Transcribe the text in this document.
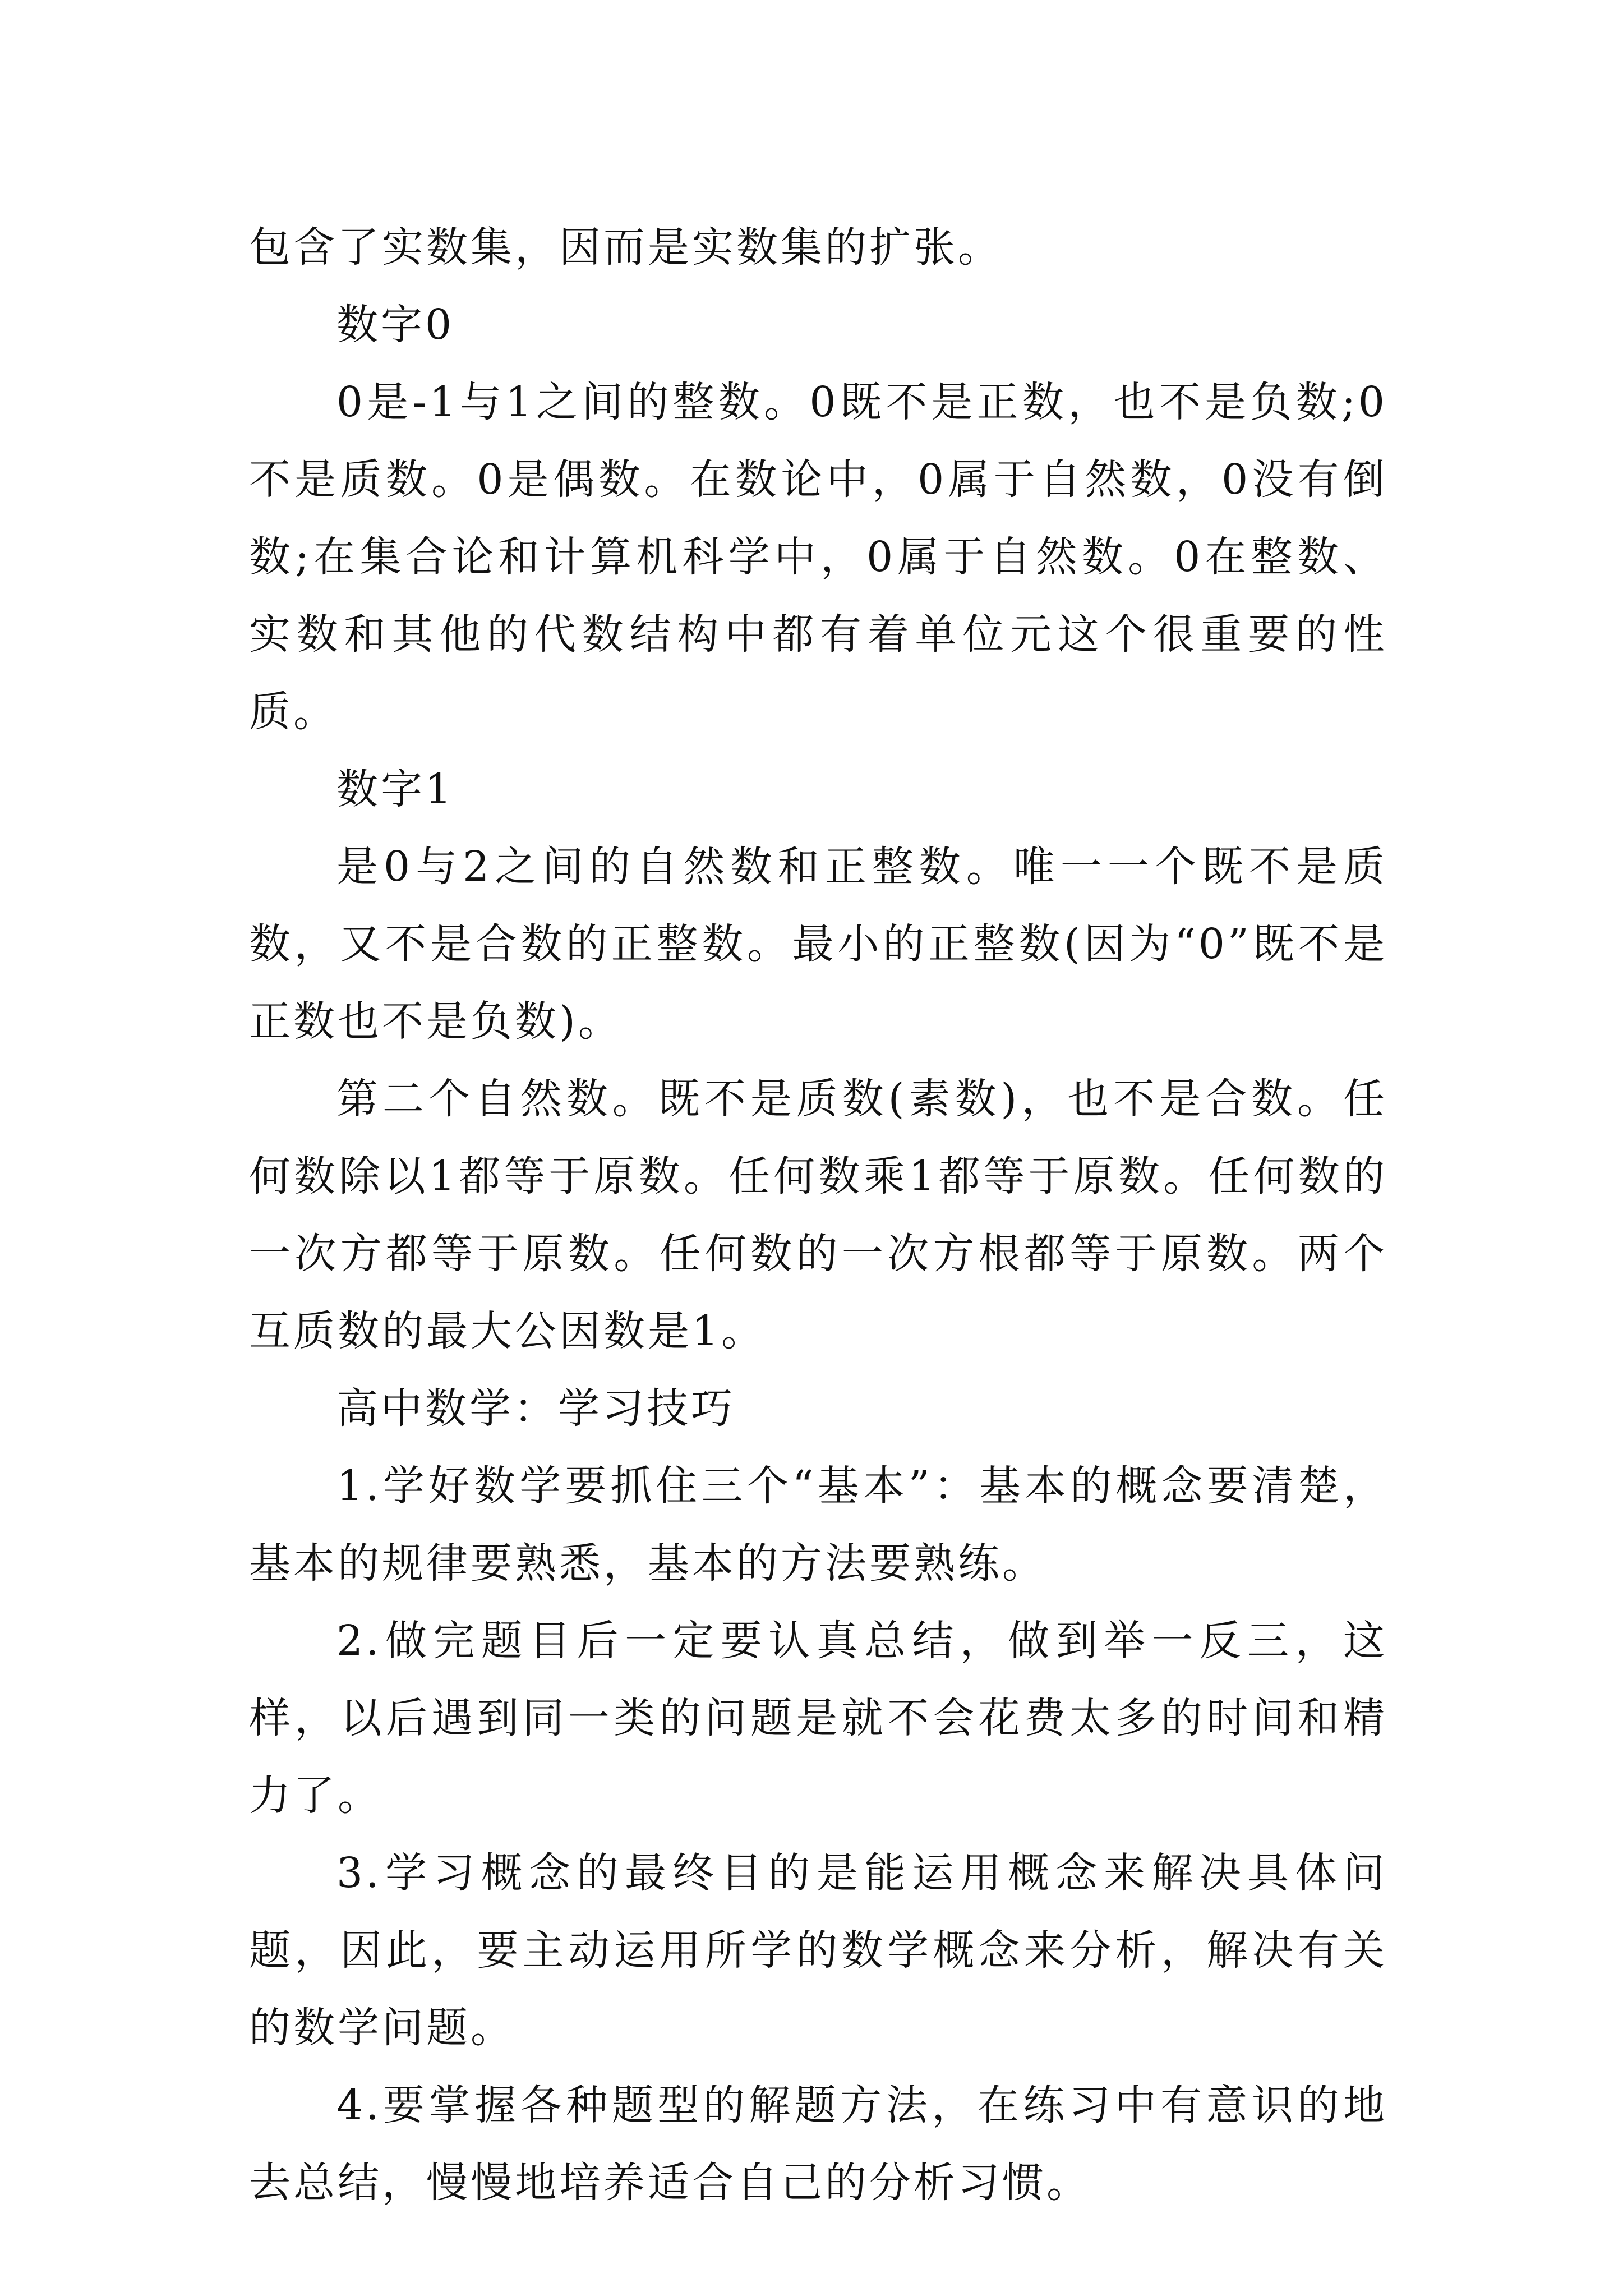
包含了实数集，因而是实数集的扩张。

数字0

0是-1与1之间的整数。0既不是正数，也不是负数;0不是质数。0是偶数。在数论中，0属于自然数，0没有倒数;在集合论和计算机科学中，0属于自然数。0在整数、实数和其他的代数结构中都有着单位元这个很重要的性质。

数字1

是0与2之间的自然数和正整数。唯一一个既不是质数，又不是合数的正整数。最小的正整数(因为“0”既不是正数也不是负数)。

第二个自然数。既不是质数(素数)，也不是合数。任何数除以1都等于原数。任何数乘1都等于原数。任何数的一次方都等于原数。任何数的一次方根都等于原数。两个互质数的最大公因数是1。

高中数学：学习技巧

1.学好数学要抓住三个“基本”：基本的概念要清楚，基本的规律要熟悉，基本的方法要熟练。

2.做完题目后一定要认真总结，做到举一反三，这样，以后遇到同一类的问题是就不会花费太多的时间和精力了。

3.学习概念的最终目的是能运用概念来解决具体问题，因此，要主动运用所学的数学概念来分析，解决有关的数学问题。

4.要掌握各种题型的解题方法，在练习中有意识的地去总结，慢慢地培养适合自己的分析习惯。
